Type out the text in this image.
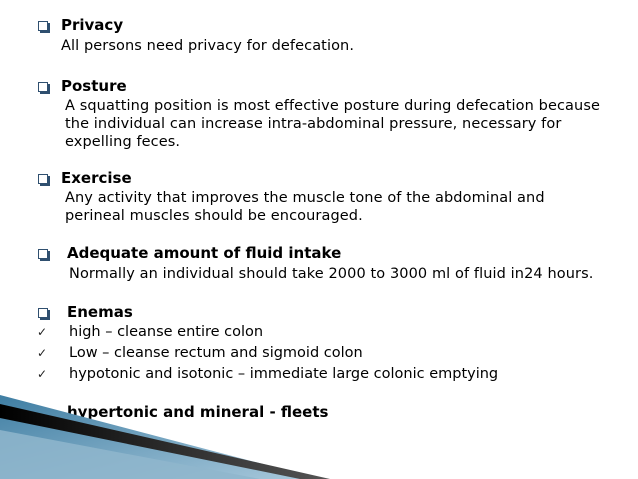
Privacy
All persons need privacy for defecation.
Posture
A squatting position is most effective posture during defecation because
the individual can increase intra-abdominal pressure, necessary for
expelling feces.
Exercise
Any activity that improves the muscle tone of the abdominal and
perineal muscles should be encouraged.
Adequate amount of fluid intake
Normally an individual should take 2000 to 3000 ml of fluid in24 hours.
Enemas
✓ high – cleanse entire colon
✓ Low – cleanse rectum and sigmoid colon
✓ hypotonic and isotonic – immediate large colonic emptying
hypertonic and mineral - fleets
